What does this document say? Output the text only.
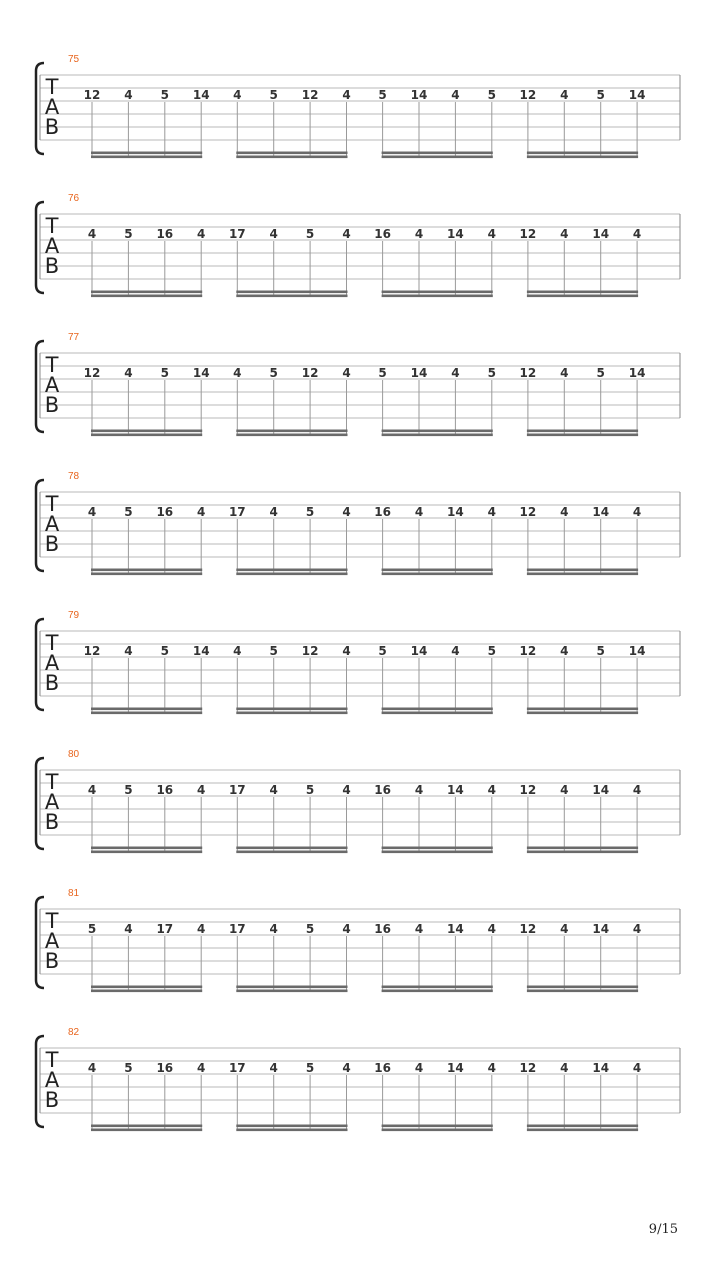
75
T
A
B
12 4 5 14 4 5 12 4 5 14 4 5 12 4 5 14
76
T
A
B
4 5 16 4 17 4 5 4 16 4 14 4 12 4 14 4
77
T
A
B
12 4 5 14 4 5 12 4 5 14 4 5 12 4 5 14
78
T
A
B
4 5 16 4 17 4 5 4 16 4 14 4 12 4 14 4
79
T
A
B
12 4 5 14 4 5 12 4 5 14 4 5 12 4 5 14
80
T
A
B
4 5 16 4 17 4 5 4 16 4 14 4 12 4 14 4
81
T
A
B
5 4 17 4 17 4 5 4 16 4 14 4 12 4 14 4
82
T
A
B
4 5 16 4 17 4 5 4 16 4 14 4 12 4 14 4
9/15
